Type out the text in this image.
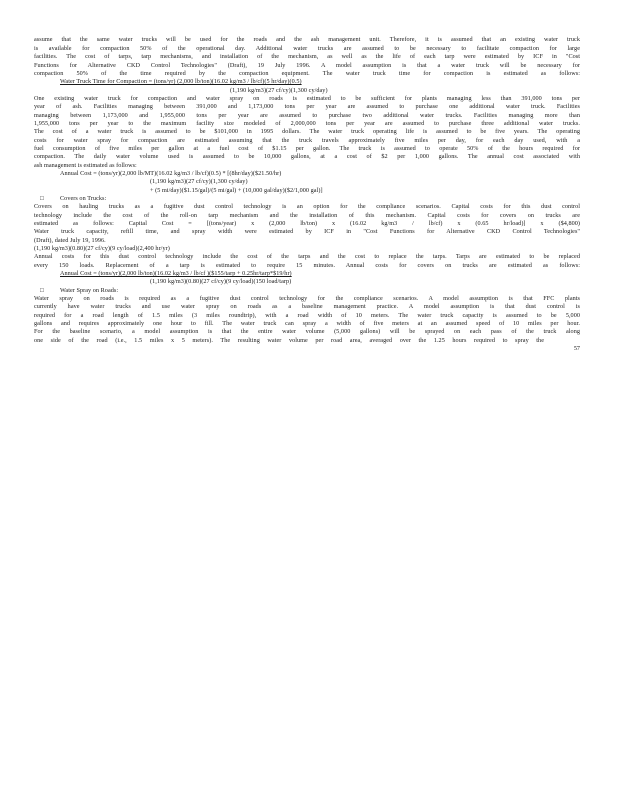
assume that the same water trucks will be used for the roads and the ash management unit. Therefore, it is assumed that an existing water truck
is available for compaction 50% of the operational day. Additional water trucks are assumed to be necessary to facilitate compaction for large
facilities. The cost of tarps, tarp mechanisms, and installation of the mechanism, as well as the life of each tarp were estimated by ICF in "Cost
Functions for Alternative CKD Control Technologies" (Draft), 19 July 1996. A model assumption is that a water truck will be necessary for
compaction 50% of the time required by the compaction equipment. The water truck time for compaction is estimated as follows:
Water Truck Time for Compaction = (tons/yr) (2,000 lb/ton)(16.02 kg/m3 / lb/cf)(5 hr/day)(0.5)
(1,190 kg/m3)(27 cf/cy)(1,300 cy/day)
One existing water truck for compaction and water spray on roads is estimated to be sufficient for plants managing less than 391,000 tons per
year of ash. Facilities managing between 391,000 and 1,173,000 tons per year are assumed to purchase one additional water truck. Facilities
managing between 1,173,000 and 1,955,000 tons per year are assumed to purchase two additional water trucks. Facilities managing more than
1,955,000 tons per year to the maximum facility size modeled of 2,000,000 tons per year are assumed to purchase three additional water trucks.
The cost of a water truck is assumed to be $101,000 in 1995 dollars. The water truck operating life is assumed to be five years. The operating
costs for water spray for compaction are estimated assuming that the truck travels approximately five miles per day, for each day used, with a
fuel consumption of five miles per gallon at a fuel cost of $1.15 per gallon. The truck is assumed to operate 50% of the hours required for
compaction. The daily water volume used is assumed to be 10,000 gallons, at a cost of $2 per 1,000 gallons. The annual cost associated with
ash management is estimated as follows:
Annual Cost = (tons/yr)(2,000 lb/MT)(16.02 kg/m3 / lb/cf)(0.5) * [(8hr/day)($21.50/hr)
(1,190 kg/m3)(27 cf/cy)(1,300 cy/day)
+ (5 mi/day)($1.15/gal)/(5 mi/gal) + (10,000 gal/day)($2/1,000 gal)]
□	Covers on Trucks:
Covers on hauling trucks as a fugitive dust control technology is an option for the compliance scenarios. Capital costs for this dust control
technology include the cost of the roll-on tarp mechanism and the installation of this mechanism. Capital costs for covers on trucks are
estimated as follows: Capital Cost = [(tons/year) x (2,000 lb/ton) x (16.02 kg/m3 / lb/cf) x (0.65 hr/load)] x ($4,800)
Water truck capacity, refill time, and spray width were estimated by ICF in "Cost Functions for Alternative CKD Control Technologies"
(Draft), dated July 19, 1996.
(1,190 kg/m3)(0.80)(27 cf/cy)(9 cy/load)(2,400 hr/yr)
Annual costs for this dust control technology include the cost of the tarps and the cost to replace the tarps. Tarps are estimated to be replaced
every 150 loads. Replacement of a tarp is estimated to require 15 minutes. Annual costs for covers on trucks are estimated as follows:
Annual Cost = (tons/yr)(2,000 lb/ton)(16.02 kg/m3 / lb/cf )($155/tarp + 0.25hr/tarp*$19/hr)
(1,190 kg/m3)(0.80)(27 cf/cy)(9 cy/load)(150 load/tarp)
□	Water Spray on Roads:
Water spray on roads is required as a fugitive dust control technology for the compliance scenarios. A model assumption is that FFC plants
currently have water trucks and use water spray on roads as a baseline management practice. A model assumption is that dust control is
required for a road length of 1.5 miles (3 miles roundtrip), with a road width of 10 meters. The water truck capacity is assumed to be 5,000
gallons and requires approximately one hour to fill. The water truck can spray a width of five meters at an assumed speed of 10 miles per hour.
For the baseline scenario, a model assumption is that the entire water volume (5,000 gallons) will be sprayed on each pass of the truck along
one side of the road (i.e., 1.5 miles x 5 meters). The resulting water volume per road area, averaged over the 1.25 hours required to spray the
57
